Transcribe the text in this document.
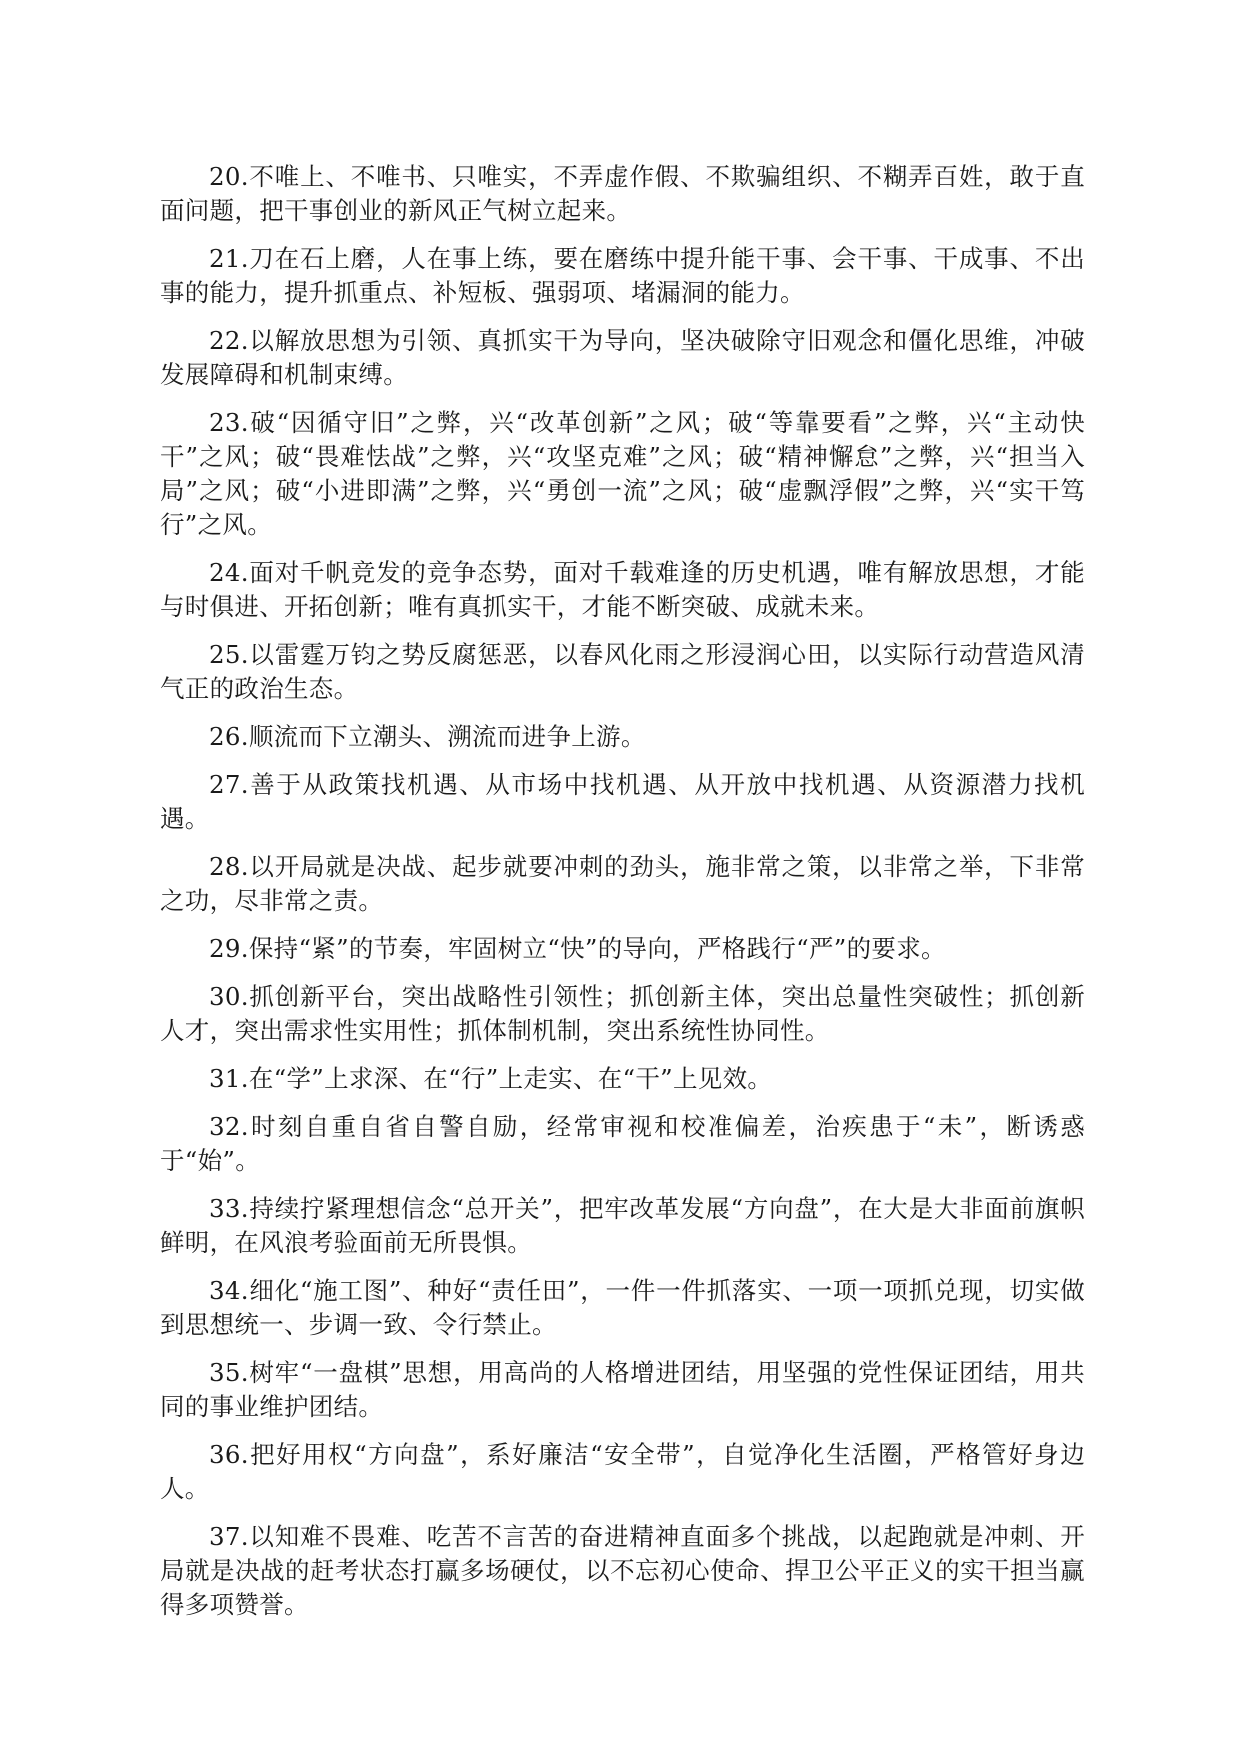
20.不唯上、不唯书、只唯实，不弄虚作假、不欺骗组织、不糊弄百姓，敢于直面问题，把干事创业的新风正气树立起来。

21.刀在石上磨，人在事上练，要在磨练中提升能干事、会干事、干成事、不出事的能力，提升抓重点、补短板、强弱项、堵漏洞的能力。

22.以解放思想为引领、真抓实干为导向，坚决破除守旧观念和僵化思维，冲破发展障碍和机制束缚。

23.破“因循守旧”之弊，兴“改革创新”之风；破“等靠要看”之弊，兴“主动快干”之风；破“畏难怯战”之弊，兴“攻坚克难”之风；破“精神懈怠”之弊，兴“担当入局”之风；破“小进即满”之弊，兴“勇创一流”之风；破“虚飘浮假”之弊，兴“实干笃行”之风。

24.面对千帆竞发的竞争态势，面对千载难逢的历史机遇，唯有解放思想，才能与时俱进、开拓创新；唯有真抓实干，才能不断突破、成就未来。

25.以雷霆万钧之势反腐惩恶，以春风化雨之形浸润心田，以实际行动营造风清气正的政治生态。

26.顺流而下立潮头、溯流而进争上游。

27.善于从政策找机遇、从市场中找机遇、从开放中找机遇、从资源潜力找机遇。

28.以开局就是决战、起步就要冲刺的劲头，施非常之策，以非常之举，下非常之功，尽非常之责。

29.保持“紧”的节奏，牢固树立“快”的导向，严格践行“严”的要求。

30.抓创新平台，突出战略性引领性；抓创新主体，突出总量性突破性；抓创新人才，突出需求性实用性；抓体制机制，突出系统性协同性。

31.在“学”上求深、在“行”上走实、在“干”上见效。

32.时刻自重自省自警自励，经常审视和校准偏差，治疾患于“未”，断诱惑于“始”。

33.持续拧紧理想信念“总开关”，把牢改革发展“方向盘”，在大是大非面前旗帜鲜明，在风浪考验面前无所畏惧。

34.细化“施工图”、种好“责任田”，一件一件抓落实、一项一项抓兑现，切实做到思想统一、步调一致、令行禁止。

35.树牢“一盘棋”思想，用高尚的人格增进团结，用坚强的党性保证团结，用共同的事业维护团结。

36.把好用权“方向盘”，系好廉洁“安全带”，自觉净化生活圈，严格管好身边人。

37.以知难不畏难、吃苦不言苦的奋进精神直面多个挑战，以起跑就是冲刺、开局就是决战的赶考状态打赢多场硬仗，以不忘初心使命、捍卫公平正义的实干担当赢得多项赞誉。
